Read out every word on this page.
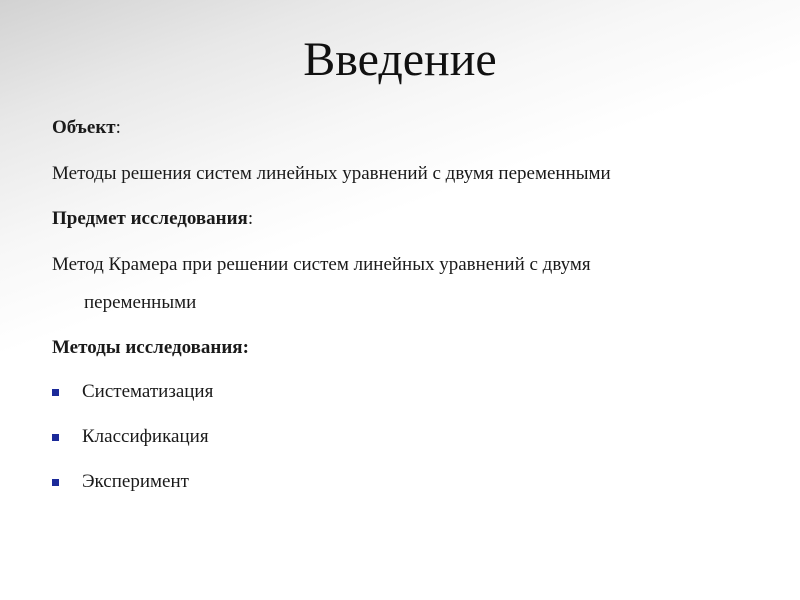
Введение
Объект:
Методы решения систем линейных уравнений с двумя переменными
Предмет исследования:
Метод Крамера при решении систем линейных уравнений с двумя
переменными
Методы исследования:
Систематизация
Классификация
Эксперимент
